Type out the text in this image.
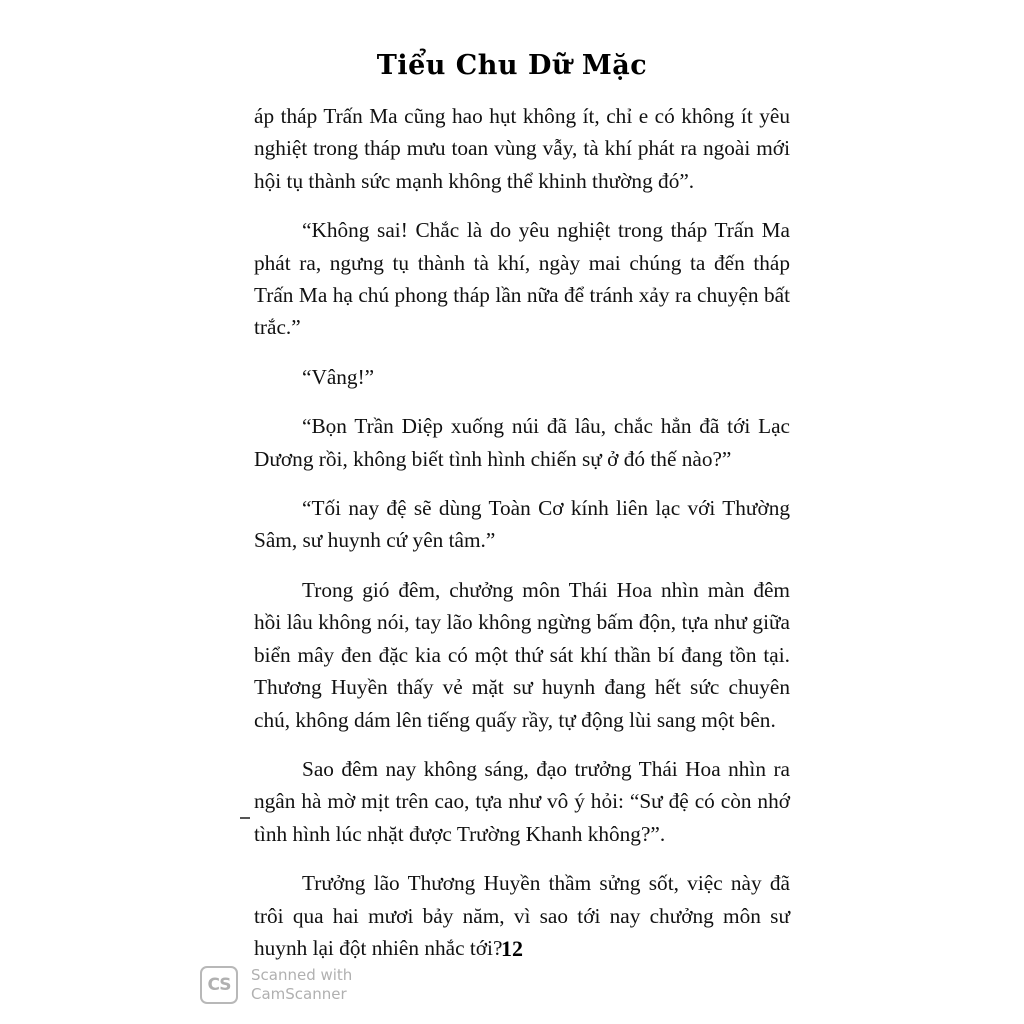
Tiểu Chu Dữ Mặc

áp tháp Trấn Ma cũng hao hụt không ít, chỉ e có không ít yêu nghiệt trong tháp mưu toan vùng vẫy, tà khí phát ra ngoài mới hội tụ thành sức mạnh không thể khinh thường đó”.

“Không sai! Chắc là do yêu nghiệt trong tháp Trấn Ma phát ra, ngưng tụ thành tà khí, ngày mai chúng ta đến tháp Trấn Ma hạ chú phong tháp lần nữa để tránh xảy ra chuyện bất trắc.”

“Vâng!”

“Bọn Trần Diệp xuống núi đã lâu, chắc hẳn đã tới Lạc Dương rồi, không biết tình hình chiến sự ở đó thế nào?”

“Tối nay đệ sẽ dùng Toàn Cơ kính liên lạc với Thường Sâm, sư huynh cứ yên tâm.”

Trong gió đêm, chưởng môn Thái Hoa nhìn màn đêm hồi lâu không nói, tay lão không ngừng bấm độn, tựa như giữa biển mây đen đặc kia có một thứ sát khí thần bí đang tồn tại. Thương Huyền thấy vẻ mặt sư huynh đang hết sức chuyên chú, không dám lên tiếng quấy rầy, tự động lùi sang một bên.

Sao đêm nay không sáng, đạo trưởng Thái Hoa nhìn ra ngân hà mờ mịt trên cao, tựa như vô ý hỏi: “Sư đệ có còn nhớ tình hình lúc nhặt được Trường Khanh không?”.

Trưởng lão Thương Huyền thầm sửng sốt, việc này đã trôi qua hai mươi bảy năm, vì sao tới nay chưởng môn sư huynh lại đột nhiên nhắc tới?

12
CS	Scanned with
CamScanner
